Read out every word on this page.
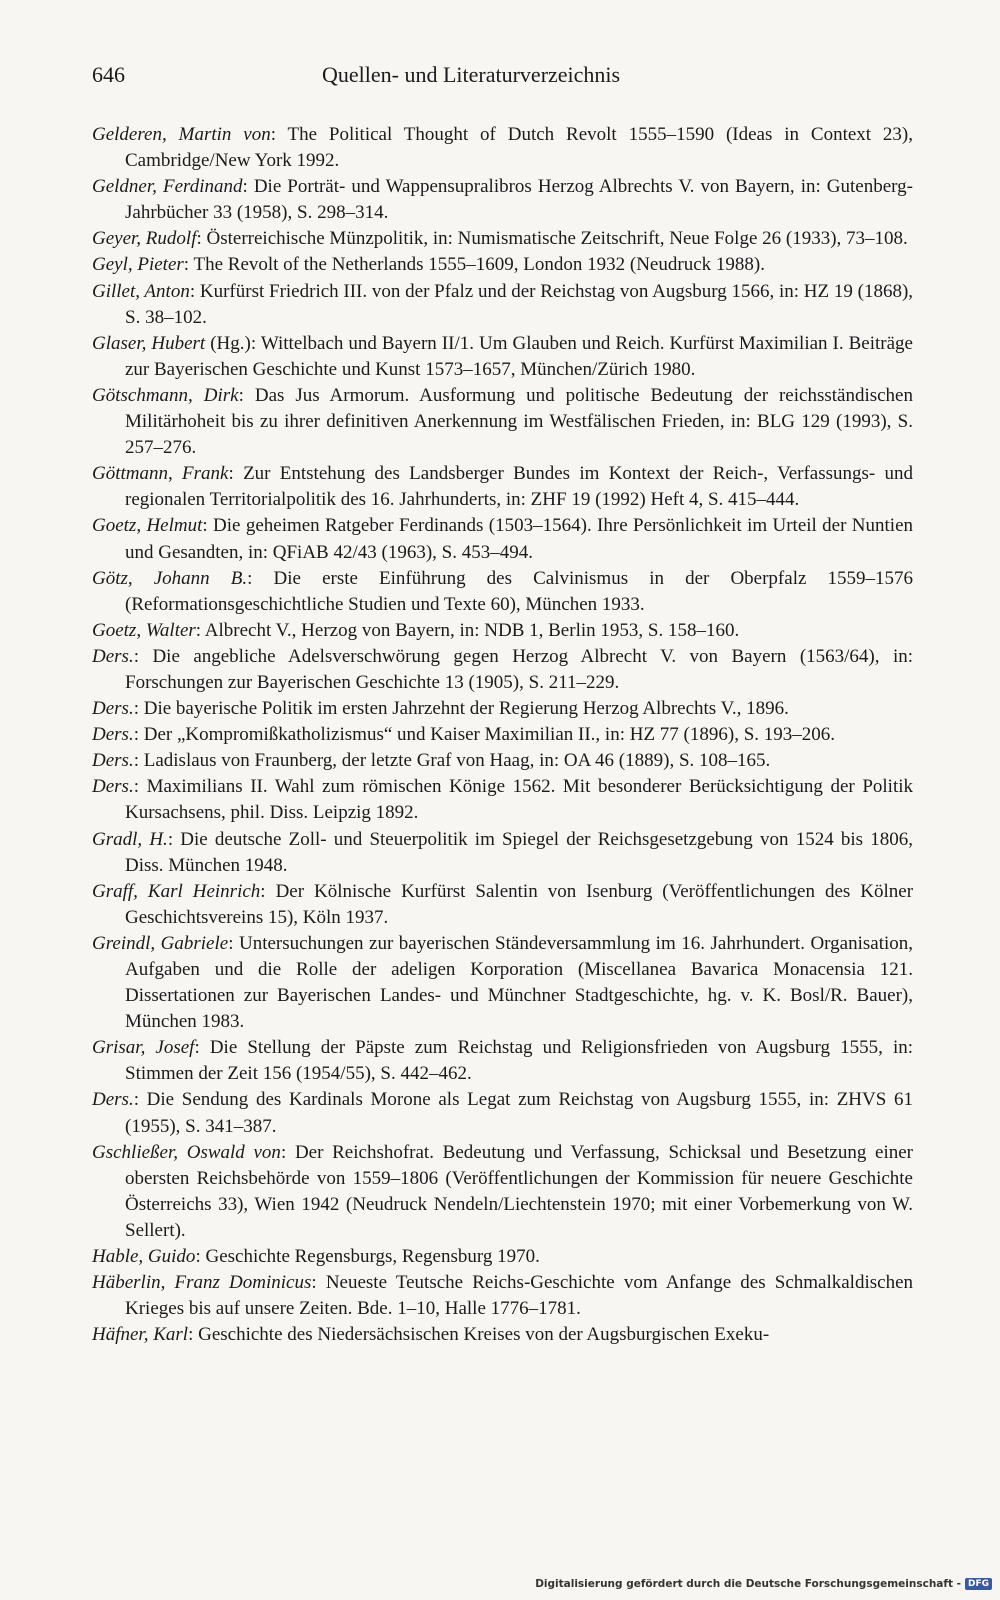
646	Quellen- und Literaturverzeichnis

Gelderen, Martin von: The Political Thought of Dutch Revolt 1555–1590 (Ideas in Context 23), Cambridge/New York 1992.

Geldner, Ferdinand: Die Porträt- und Wappensupralibros Herzog Albrechts V. von Bayern, in: Gutenberg-Jahrbücher 33 (1958), S. 298–314.

Geyer, Rudolf: Österreichische Münzpolitik, in: Numismatische Zeitschrift, Neue Folge 26 (1933), 73–108.

Geyl, Pieter: The Revolt of the Netherlands 1555–1609, London 1932 (Neudruck 1988).

Gillet, Anton: Kurfürst Friedrich III. von der Pfalz und der Reichstag von Augsburg 1566, in: HZ 19 (1868), S. 38–102.

Glaser, Hubert (Hg.): Wittelbach und Bayern II/1. Um Glauben und Reich. Kurfürst Maximilian I. Beiträge zur Bayerischen Geschichte und Kunst 1573–1657, München/Zürich 1980.

Götschmann, Dirk: Das Jus Armorum. Ausformung und politische Bedeutung der reichsständischen Militärhoheit bis zu ihrer definitiven Anerkennung im Westfälischen Frieden, in: BLG 129 (1993), S. 257–276.

Göttmann, Frank: Zur Entstehung des Landsberger Bundes im Kontext der Reich-, Verfassungs- und regionalen Territorialpolitik des 16. Jahrhunderts, in: ZHF 19 (1992) Heft 4, S. 415–444.

Goetz, Helmut: Die geheimen Ratgeber Ferdinands (1503–1564). Ihre Persönlichkeit im Urteil der Nuntien und Gesandten, in: QFiAB 42/43 (1963), S. 453–494.

Götz, Johann B.: Die erste Einführung des Calvinismus in der Oberpfalz 1559–1576 (Reformationsgeschichtliche Studien und Texte 60), München 1933.

Goetz, Walter: Albrecht V., Herzog von Bayern, in: NDB 1, Berlin 1953, S. 158–160.

Ders.: Die angebliche Adelsverschwörung gegen Herzog Albrecht V. von Bayern (1563/64), in: Forschungen zur Bayerischen Geschichte 13 (1905), S. 211–229.

Ders.: Die bayerische Politik im ersten Jahrzehnt der Regierung Herzog Albrechts V., 1896.

Ders.: Der „Kompromißkatholizismus“ und Kaiser Maximilian II., in: HZ 77 (1896), S. 193–206.

Ders.: Ladislaus von Fraunberg, der letzte Graf von Haag, in: OA 46 (1889), S. 108–165.

Ders.: Maximilians II. Wahl zum römischen Könige 1562. Mit besonderer Berücksichtigung der Politik Kursachsens, phil. Diss. Leipzig 1892.

Gradl, H.: Die deutsche Zoll- und Steuerpolitik im Spiegel der Reichsgesetzgebung von 1524 bis 1806, Diss. München 1948.

Graff, Karl Heinrich: Der Kölnische Kurfürst Salentin von Isenburg (Veröffentlichungen des Kölner Geschichtsvereins 15), Köln 1937.

Greindl, Gabriele: Untersuchungen zur bayerischen Ständeversammlung im 16. Jahrhundert. Organisation, Aufgaben und die Rolle der adeligen Korporation (Miscellanea Bavarica Monacensia 121. Dissertationen zur Bayerischen Landes- und Münchner Stadtgeschichte, hg. v. K. Bosl/R. Bauer), München 1983.

Grisar, Josef: Die Stellung der Päpste zum Reichstag und Religionsfrieden von Augsburg 1555, in: Stimmen der Zeit 156 (1954/55), S. 442–462.

Ders.: Die Sendung des Kardinals Morone als Legat zum Reichstag von Augsburg 1555, in: ZHVS 61 (1955), S. 341–387.

Gschließer, Oswald von: Der Reichshofrat. Bedeutung und Verfassung, Schicksal und Besetzung einer obersten Reichsbehörde von 1559–1806 (Veröffentlichungen der Kommission für neuere Geschichte Österreichs 33), Wien 1942 (Neudruck Nendeln/Liechtenstein 1970; mit einer Vorbemerkung von W. Sellert).

Hable, Guido: Geschichte Regensburgs, Regensburg 1970.

Häberlin, Franz Dominicus: Neueste Teutsche Reichs-Geschichte vom Anfange des Schmalkaldischen Krieges bis auf unsere Zeiten. Bde. 1–10, Halle 1776–1781.

Häfner, Karl: Geschichte des Niedersächsischen Kreises von der Augsburgischen Exeku-

Digitalisierung gefördert durch die Deutsche Forschungsgemeinschaft - DFG
